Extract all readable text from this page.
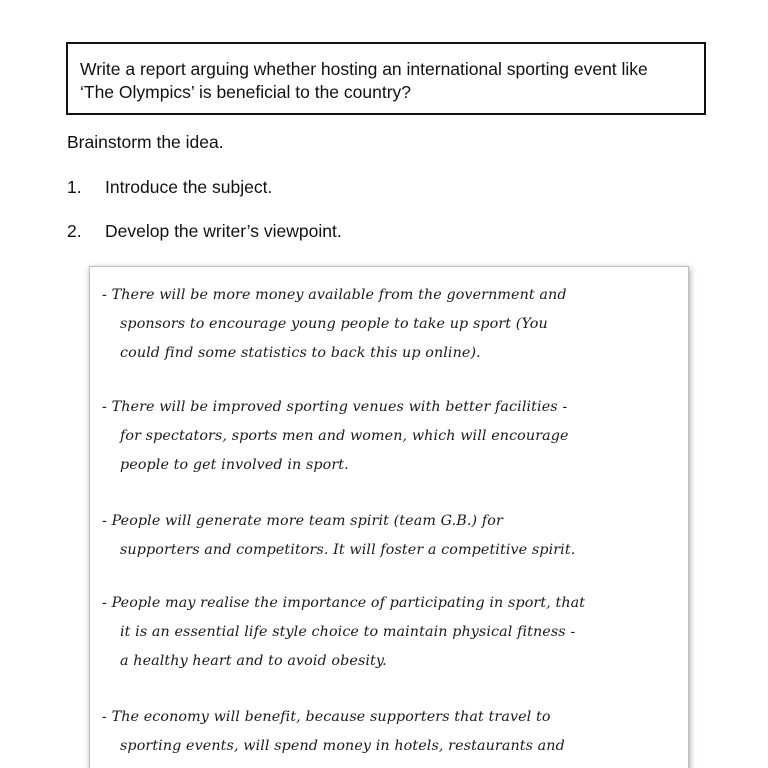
Write a report arguing whether hosting an international sporting event like
‘The Olympics’ is beneficial to the country?
Brainstorm the idea.
1. Introduce the subject.
2. Develop the writer’s viewpoint.

- There will be more money available from the government and
sponsors to encourage young people to take up sport (You
could find some statistics to back this up online).

- There will be improved sporting venues with better facilities -
for spectators, sports men and women, which will encourage
people to get involved in sport.

- People will generate more team spirit (team G.B.) for
supporters and competitors. It will foster a competitive spirit.

- People may realise the importance of participating in sport, that
it is an essential life style choice to maintain physical fitness -
a healthy heart and to avoid obesity.

- The economy will benefit, because supporters that travel to
sporting events, will spend money in hotels, restaurants and
